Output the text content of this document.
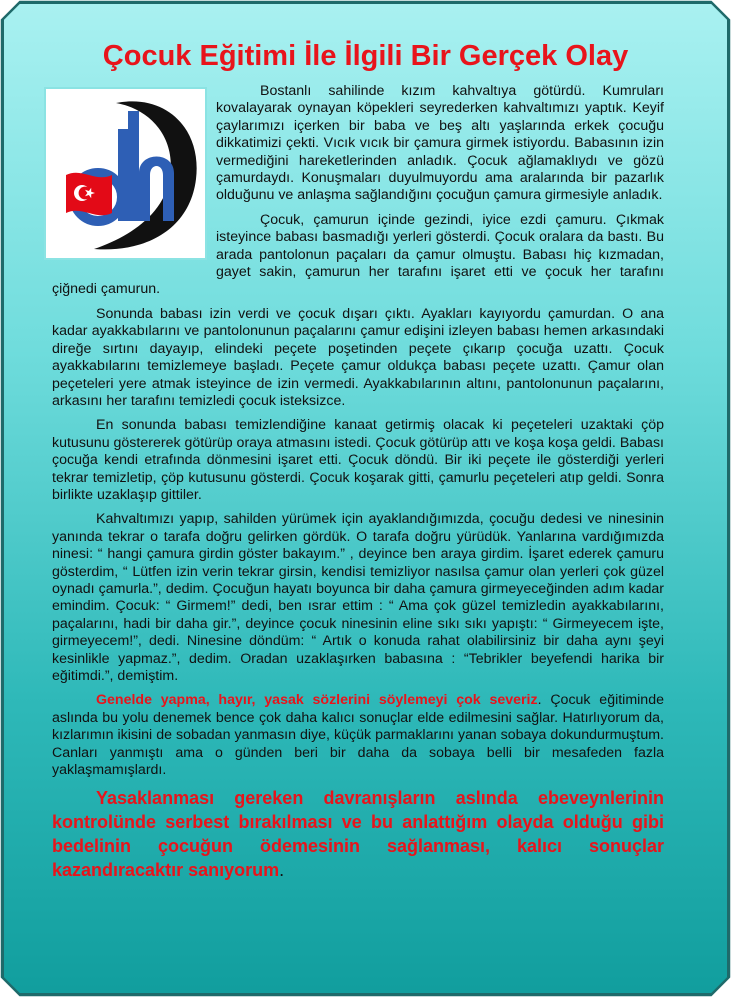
Çocuk Eğitimi İle İlgili Bir Gerçek Olay

Bostanlı sahilinde kızım kahvaltıya götürdü. Kumruları kovalayarak oynayan köpekleri seyrederken kahvaltımızı yaptık. Keyif çaylarımızı içerken bir baba ve beş altı yaşlarında erkek çocuğu dikkatimizi çekti. Vıcık vıcık bir çamura girmek istiyordu. Babasının izin vermediğini hareketlerinden anladık. Çocuk ağlamaklıydı ve gözü çamurdaydı. Konuşmaları duyulmuyordu ama aralarında bir pazarlık olduğunu ve anlaşma sağlandığını çocuğun çamura girmesiyle anladık.

Çocuk, çamurun içinde gezindi, iyice ezdi çamuru. Çıkmak isteyince babası basmadığı yerleri gösterdi. Çocuk oralara da bastı. Bu arada pantolonun paçaları da çamur olmuştu. Babası hiç kızmadan, gayet sakin, çamurun her tarafını işaret etti ve çocuk her tarafını çiğnedi çamurun.

Sonunda babası izin verdi ve çocuk dışarı çıktı. Ayakları kayıyordu çamurdan. O ana kadar ayakkabılarını ve pantolonunun paçalarını çamur edişini izleyen babası hemen arkasındaki direğe sırtını dayayıp, elindeki peçete poşetinden peçete çıkarıp çocuğa uzattı. Çocuk ayakkabılarını temizlemeye başladı. Peçete çamur oldukça babası peçete uzattı. Çamur olan peçeteleri yere atmak isteyince de izin vermedi. Ayakkabılarının altını, pantolonunun paçalarını, arkasını her tarafını temizledi çocuk isteksizce.

En sonunda babası temizlendiğine kanaat getirmiş olacak ki peçeteleri uzaktaki çöp kutusunu göstererek götürüp oraya atmasını istedi. Çocuk götürüp attı ve koşa koşa geldi. Babası çocuğa kendi etrafında dönmesini işaret etti. Çocuk döndü. Bir iki peçete ile gösterdiği yerleri tekrar temizletip, çöp kutusunu gösterdi. Çocuk koşarak gitti, çamurlu peçeteleri atıp geldi. Sonra birlikte uzaklaşıp gittiler.

Kahvaltımızı yapıp, sahilden yürümek için ayaklandığımızda, çocuğu dedesi ve ninesinin yanında tekrar o tarafa doğru gelirken gördük. O tarafa doğru yürüdük. Yanlarına vardığımızda ninesi: “ hangi çamura girdin göster bakayım.” , deyince ben araya girdim. İşaret ederek çamuru gösterdim, “ Lütfen izin verin tekrar girsin, kendisi temizliyor nasılsa çamur olan yerleri çok güzel oynadı çamurla.”, dedim. Çocuğun hayatı boyunca bir daha çamura girmeyeceğinden adım kadar emindim. Çocuk: “ Girmem!” dedi, ben ısrar ettim : “ Ama çok güzel temizledin ayakkabılarını, paçalarını, hadi bir daha gir.”, deyince çocuk ninesinin eline sıkı sıkı yapıştı: “ Girmeyecem işte, girmeyecem!”, dedi. Ninesine döndüm: “ Artık o konuda rahat olabilirsiniz bir daha aynı şeyi kesinlikle yapmaz.”, dedim. Oradan uzaklaşırken babasına : “Tebrikler beyefendi harika bir eğitimdi.”, demiştim.

Genelde yapma, hayır, yasak sözlerini söylemeyi çok severiz. Çocuk eğitiminde aslında bu yolu denemek bence çok daha kalıcı sonuçlar elde edilmesini sağlar. Hatırlıyorum da, kızlarımın ikisini de sobadan yanmasın diye, küçük parmaklarını yanan sobaya dokundurmuştum. Canları yanmıştı ama o günden beri bir daha da sobaya belli bir mesafeden fazla yaklaşmamışlardı.

Yasaklanması gereken davranışların aslında ebeveynlerinin kontrolünde serbest bırakılması ve bu anlattığım olayda olduğu gibi bedelinin çocuğun ödemesinin sağlanması, kalıcı sonuçlar kazandıracaktır sanıyorum.
